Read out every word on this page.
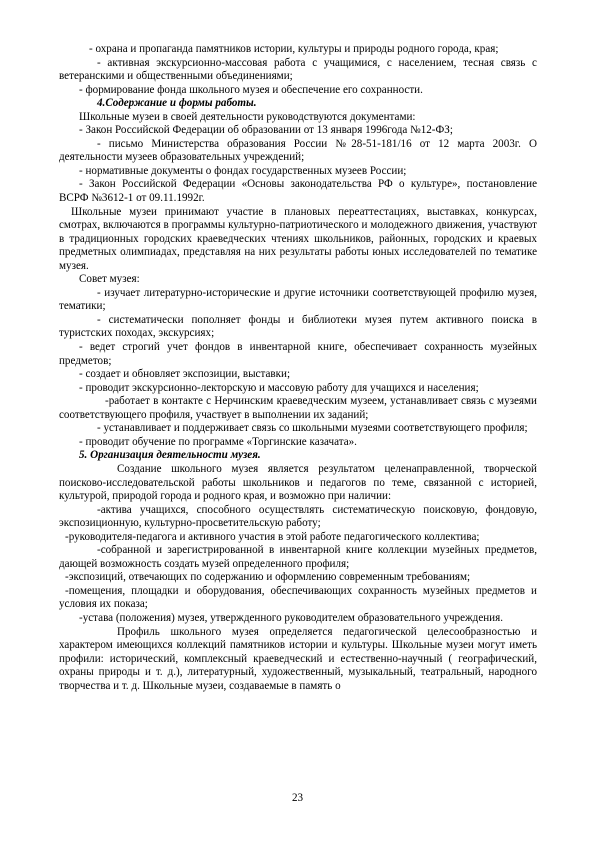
- охрана и пропаганда памятников истории, культуры и природы родного города, края;

- активная экскурсионно-массовая работа с учащимися, с населением, тесная связь с ветеранскими и общественными объединениями;

- формирование фонда школьного музея и обеспечение его сохранности.

4.Содержание и формы работы.

Школьные музеи в своей деятельности руководствуются документами:

- Закон Российской Федерации об образовании от 13 января 1996года №12-ФЗ;

- письмо Министерства образования России №28-51-181/16 от 12 марта 2003г. О деятельности музеев образовательных учреждений;

- нормативные документы о фондах государственных музеев России;

- Закон Российской Федерации «Основы законодательства РФ о культуре», постановление ВСРФ №3612-1 от 09.11.1992г.

Школьные музеи принимают участие в плановых переаттестациях, выставках, конкурсах, смотрах, включаются в программы культурно-патриотического и молодежного движения, участвуют в традиционных городских краеведческих чтениях школьников, районных, городских и краевых предметных олимпиадах, представляя на них результаты работы юных исследователей по тематике музея.

Совет музея:

- изучает литературно-исторические и другие источники соответствующей профилю музея, тематики;

- систематически пополняет фонды и библиотеки музея путем активного поиска в туристских походах, экскурсиях;

- ведет строгий учет фондов в инвентарной книге, обеспечивает сохранность музейных предметов;

- создает и обновляет экспозиции, выставки;

- проводит экскурсионно-лекторскую и массовую работу для учащихся и населения;

-работает в контакте с Нерчинским краеведческим музеем, устанавливает связь с музеями соответствующего профиля, участвует в выполнении их заданий;

- устанавливает и поддерживает связь со школьными музеями соответствующего профиля;

- проводит обучение по программе «Торгинские казачата».

5. Организация деятельности музея.

Создание школьного музея является результатом целенаправленной, творческой поисково-исследовательской работы школьников и педагогов по теме, связанной с историей, культурой, природой города и родного края, и возможно при наличии:

-актива учащихся, способного осуществлять систематическую поисковую, фондовую, экспозиционную, культурно-просветительскую работу;

-руководителя-педагога и активного участия в этой работе педагогического коллектива;

-собранной и зарегистрированной в инвентарной книге коллекции музейных предметов, дающей возможность создать музей определенного профиля;

-экспозиций, отвечающих по содержанию и оформлению современным требованиям;

-помещения, площадки и оборудования, обеспечивающих сохранность музейных предметов и условия их показа;

-устава (положения) музея, утвержденного руководителем образовательного учреждения.

Профиль школьного музея определяется педагогической целесообразностью и характером имеющихся коллекций памятников истории и культуры. Школьные музеи могут иметь профили: исторический, комплексный краеведческий и естественно-научный ( географический, охраны природы и т. д.), литературный, художественный, музыкальный, театральный, народного творчества и т. д. Школьные музеи, создаваемые в память о

23
